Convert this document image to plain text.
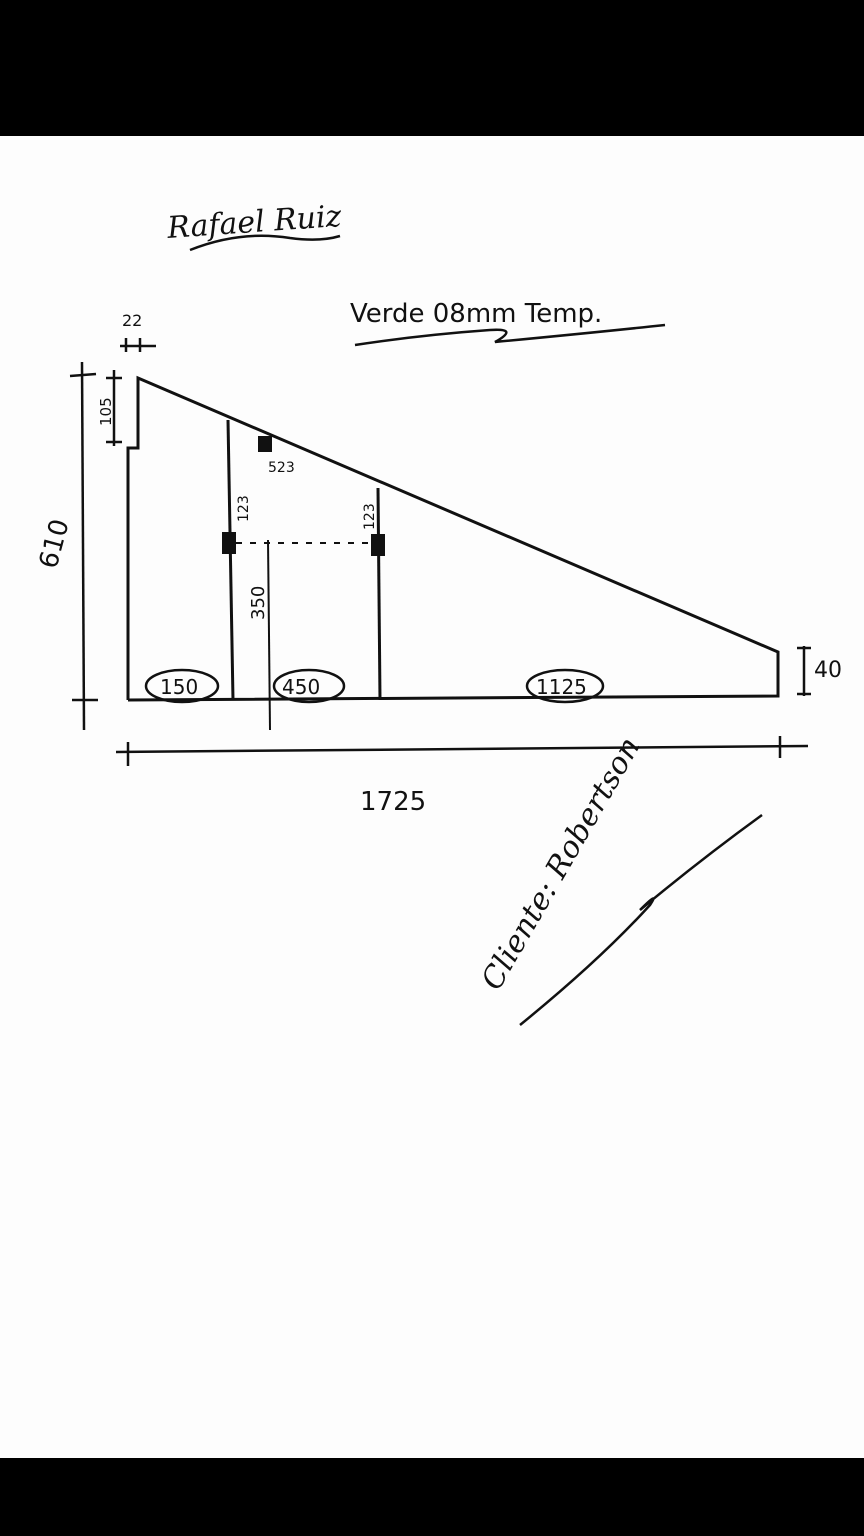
Rafael Ruiz
Verde 08mm Temp.
22
105
610
40
1725
123	123
523
350
150	450	1125
Cliente: Robertson
